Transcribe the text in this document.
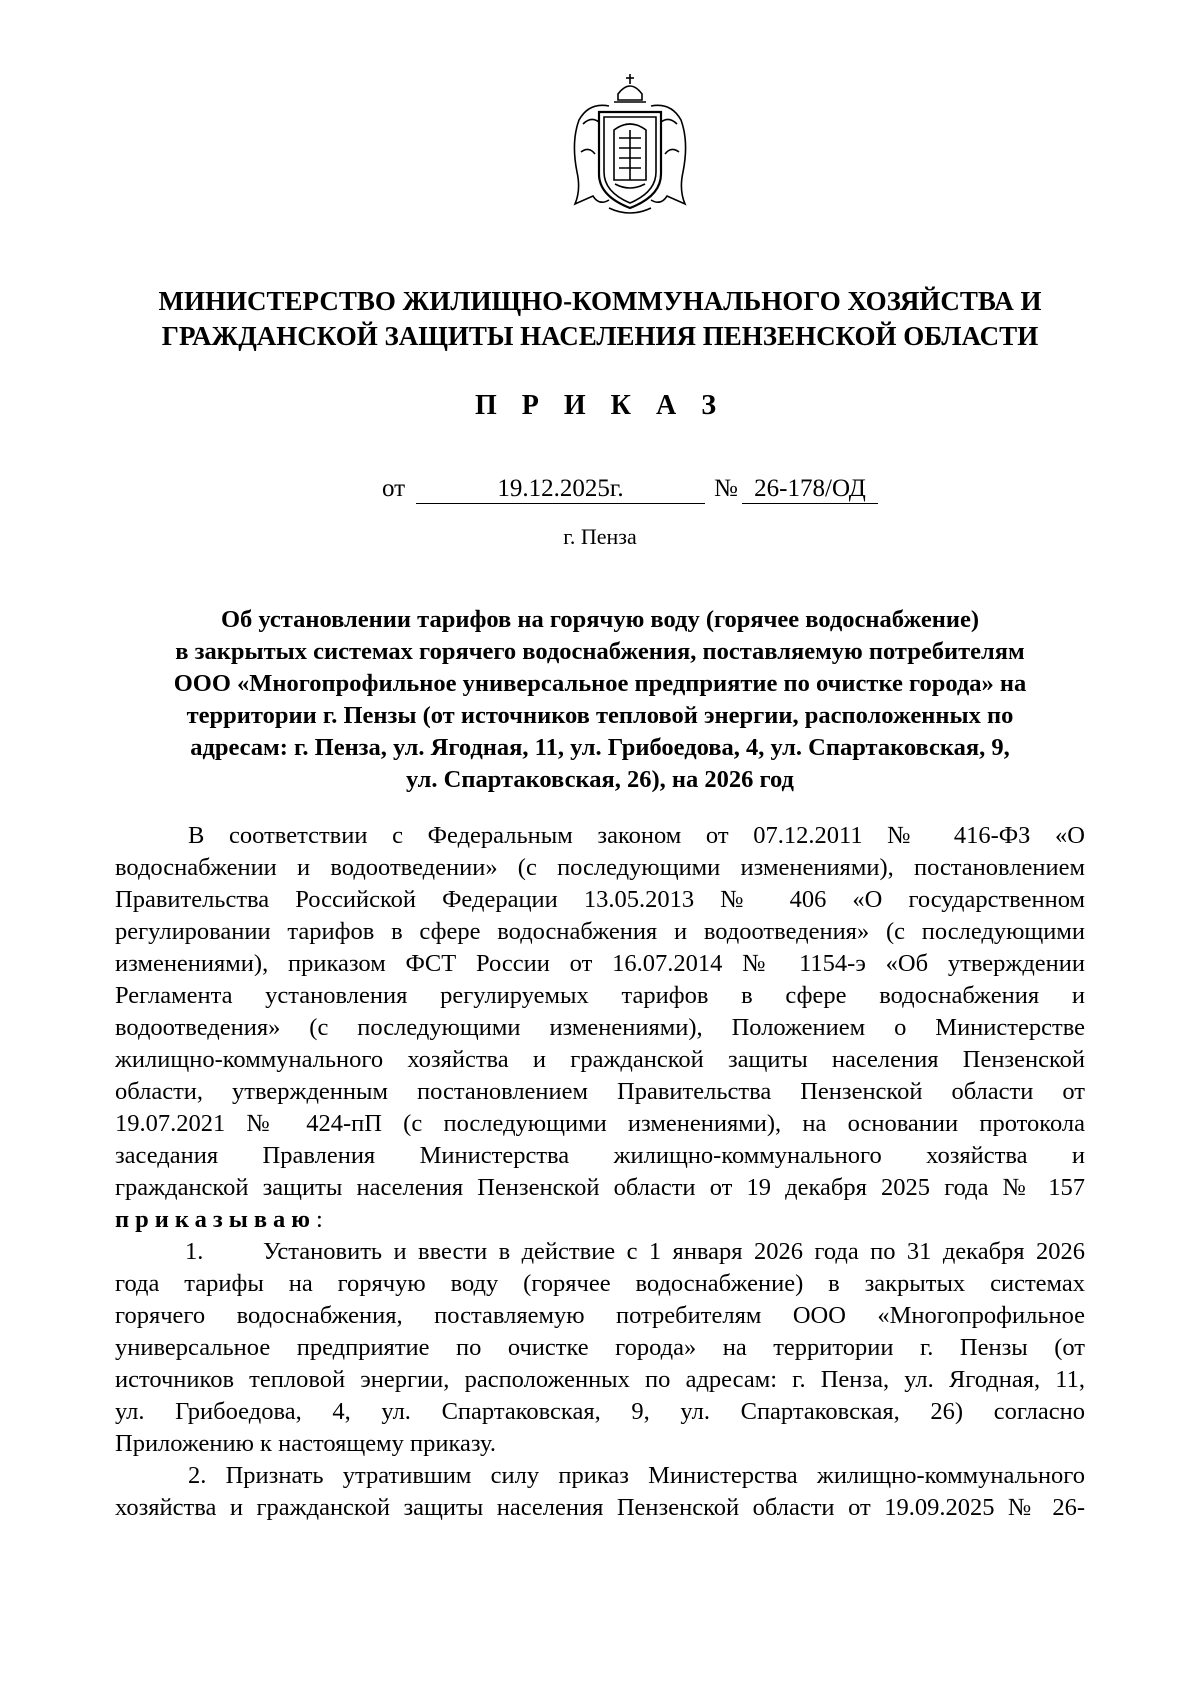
МИНИСТЕРСТВО ЖИЛИЩНО-КОММУНАЛЬНОГО ХОЗЯЙСТВА И
ГРАЖДАНСКОЙ ЗАЩИТЫ НАСЕЛЕНИЯ ПЕНЗЕНСКОЙ ОБЛАСТИ
П Р И К А З
от	19.12.2025г.	№ 26-178/ОД
г. Пенза
Об установлении тарифов на горячую воду (горячее водоснабжение)
в закрытых системах горячего водоснабжения, поставляемую потребителям
ООО «Многопрофильное универсальное предприятие по очистке города» на
территории г. Пензы (от источников тепловой энергии, расположенных по
адресам: г. Пенза, ул. Ягодная, 11, ул. Грибоедова, 4, ул. Спартаковская, 9,
ул. Спартаковская, 26), на 2026 год
В соответствии с Федеральным законом от 07.12.2011 № 416-ФЗ «О
водоснабжении и водоотведении» (с последующими изменениями), постановлением
Правительства Российской Федерации 13.05.2013 № 406 «О государственном
регулировании тарифов в сфере водоснабжения и водоотведения» (с последующими
изменениями), приказом ФСТ России от 16.07.2014 № 1154-э «Об утверждении
Регламента установления регулируемых тарифов в сфере водоснабжения и
водоотведения» (с последующими изменениями), Положением о Министерстве
жилищно-коммунального хозяйства и гражданской защиты населения Пензенской
области, утвержденным постановлением Правительства Пензенской области от
19.07.2021 № 424-пП (с последующими изменениями), на основании протокола
заседания Правления Министерства жилищно-коммунального хозяйства и
гражданской защиты населения Пензенской области от 19 декабря 2025 года № 157
приказываю:
1.	Установить и ввести в действие с 1 января 2026 года по 31 декабря 2026
года тарифы на горячую воду (горячее водоснабжение) в закрытых системах
горячего водоснабжения, поставляемую потребителям ООО «Многопрофильное
универсальное предприятие по очистке города» на территории г. Пензы (от
источников тепловой энергии, расположенных по адресам: г. Пенза, ул. Ягодная, 11,
ул. Грибоедова, 4, ул. Спартаковская, 9, ул. Спартаковская, 26) согласно
Приложению к настоящему приказу.
2. Признать утратившим силу приказ Министерства жилищно-коммунального
хозяйства и гражданской защиты населения Пензенской области от 19.09.2025 № 26-
